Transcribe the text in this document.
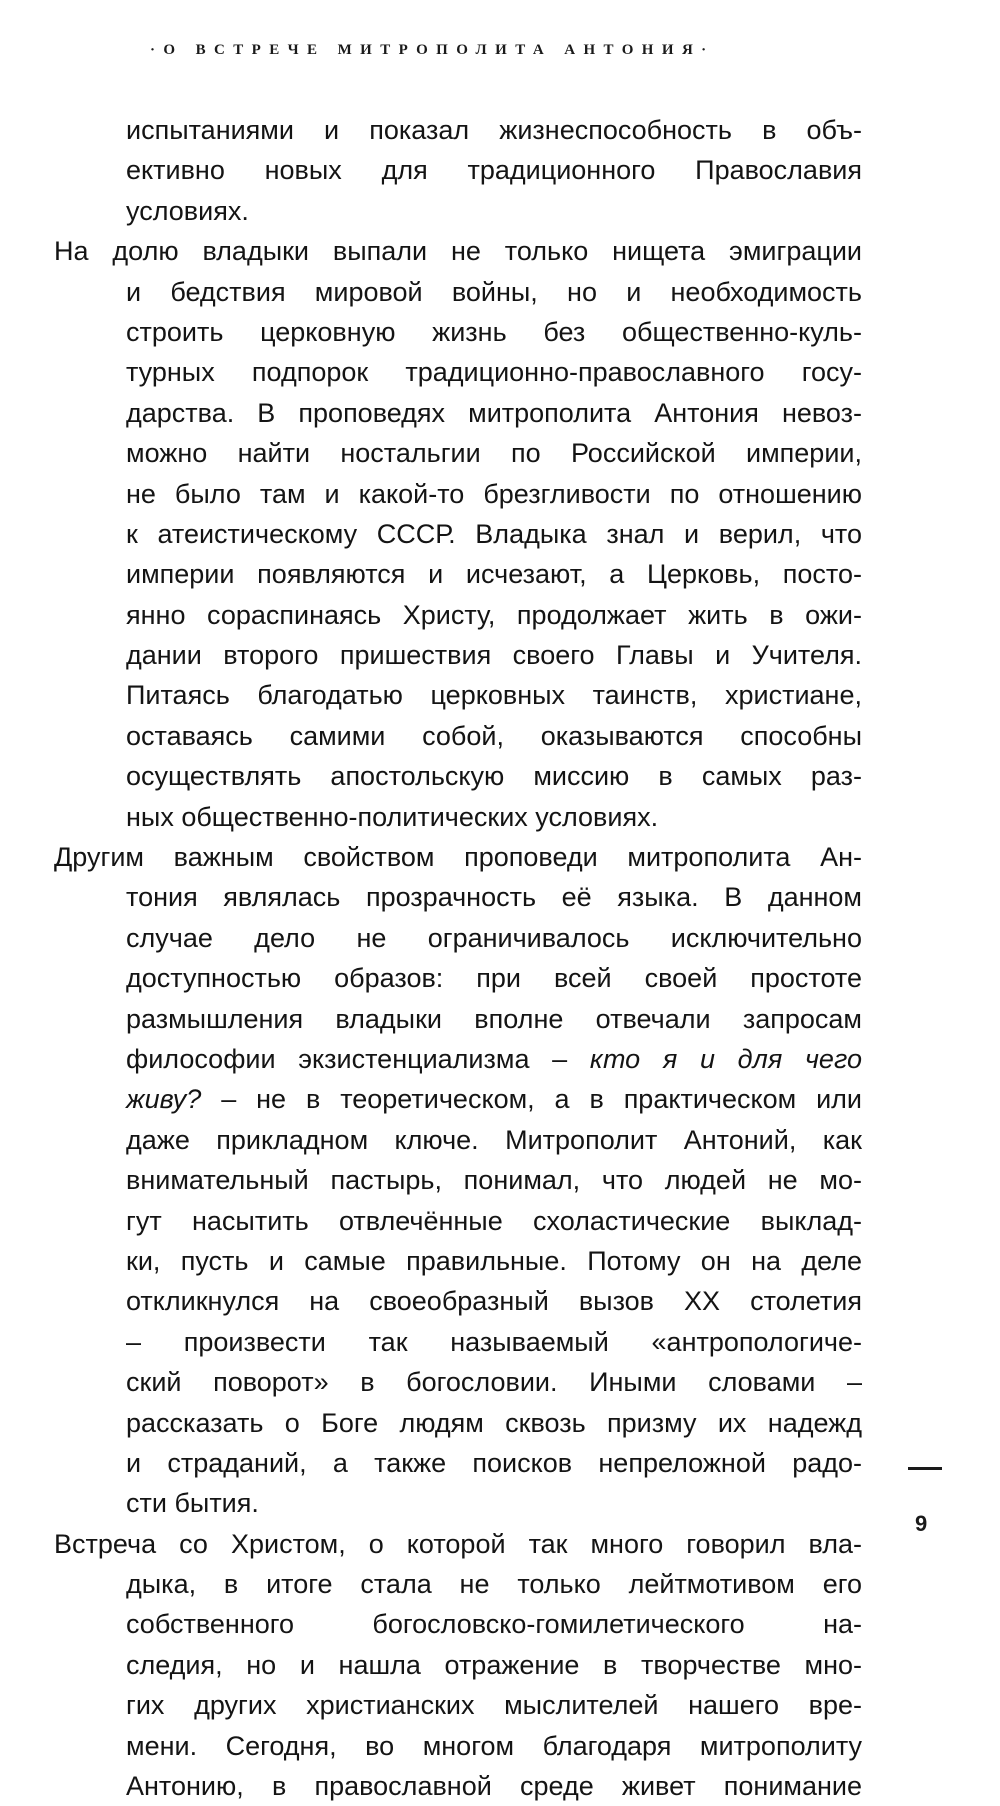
·О ВСТРЕЧЕ МИТРОПОЛИТА АНТОНИЯ·
испытаниями и показал жизнеспособность в объ-
ективно новых для традиционного Православия
условиях.
На долю владыки выпали не только нищета эмиграции
и бедствия мировой войны, но и необходимость
строить церковную жизнь без общественно-куль-
турных подпорок традиционно-православного госу-
дарства. В проповедях митрополита Антония невоз-
можно найти ностальгии по Российской империи,
не было там и какой-то брезгливости по отношению
к атеистическому СССР. Владыка знал и верил, что
империи появляются и исчезают, а Церковь, посто-
янно сораспинаясь Христу, продолжает жить в ожи-
дании второго пришествия своего Главы и Учителя.
Питаясь благодатью церковных таинств, христиане,
оставаясь самими собой, оказываются способны
осуществлять апостольскую миссию в самых раз-
ных общественно-политических условиях.
Другим важным свойством проповеди митрополита Ан-
тония являлась прозрачность её языка. В данном
случае дело не ограничивалось исключительно
доступностью образов: при всей своей простоте
размышления владыки вполне отвечали запросам
философии экзистенциализма – кто я и для чего
живу? – не в теоретическом, а в практическом или
даже прикладном ключе. Митрополит Антоний, как
внимательный пастырь, понимал, что людей не мо-
гут насытить отвлечённые схоластические выклад-
ки, пусть и самые правильные. Потому он на деле
откликнулся на своеобразный вызов XX столетия
– произвести так называемый «антропологиче-
ский поворот» в богословии. Иными словами –
рассказать о Боге людям сквозь призму их надежд
и страданий, а также поисков непреложной радо-
сти бытия.
Встреча со Христом, о которой так много говорил вла-
дыка, в итоге стала не только лейтмотивом его
собственного богословско-гомилетического на-
следия, но и нашла отражение в творчестве мно-
гих других христианских мыслителей нашего вре-
мени. Сегодня, во многом благодаря митрополиту
Антонию, в православной среде живет понимание
9
